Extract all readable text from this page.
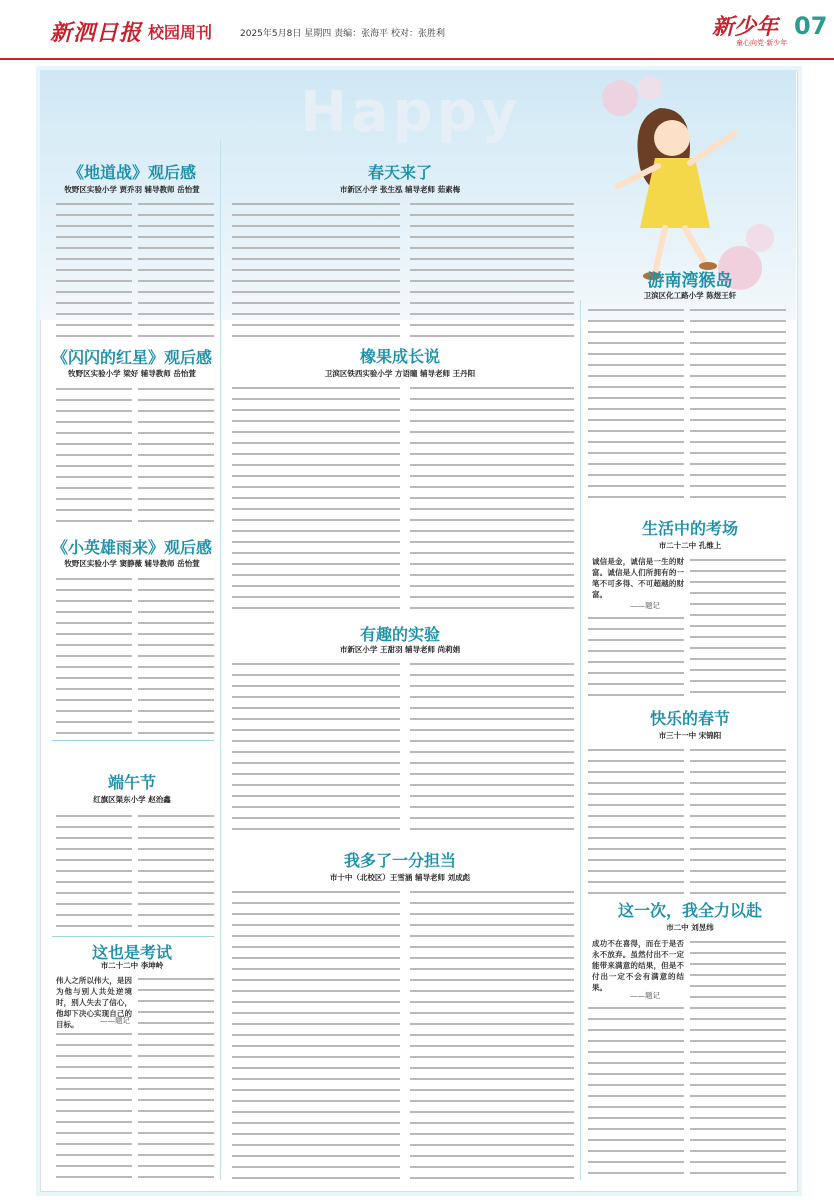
新泗日报 校园周刊	2025年5月8日 星期四 责编：张海平 校对：张胜利	新少年
童心向党·新少年
07
Happy
《地道战》观后感
牧野区实验小学 贾乔羽 辅导教师 岳怡萱
《闪闪的红星》观后感
牧野区实验小学 梁好 辅导教师 岳怡萱
《小英雄雨来》观后感
牧野区实验小学 窦静薇 辅导教师 岳怡萱
端午节
红旗区渠东小学 赵治鑫
这也是考试
市二十二中 李坤岭
伟人之所以伟大，是因为他与别人共处逆境时，别人失去了信心，他却下决心实现自己的目标。	——题记
春天来了
市新区小学 张生泓 辅导老师 茹素梅
橡果成长说
卫滨区铁西实验小学 方语瞳 辅导老师 王丹阳
有趣的实验
市新区小学 王甜羽 辅导老师 尚莉娟
我多了一分担当
市十中（北校区）王雪涵 辅导老师 刘成彪
游南湾猴岛
卫滨区化工路小学 陈煜王轩
生活中的考场
市二十二中 孔维上
诚信是金，诚信是一生的财富。诚信是人们所拥有的一笔不可多得、不可超越的财富。
——题记
快乐的春节
市三十一中 宋锦阳
这一次，我全力以赴
市二中 刘昱纬
成功不在喜得，而在于是否永不放弃。虽然付出不一定能带来满意的结果，但是不付出一定不会有满意的结果。
——题记
